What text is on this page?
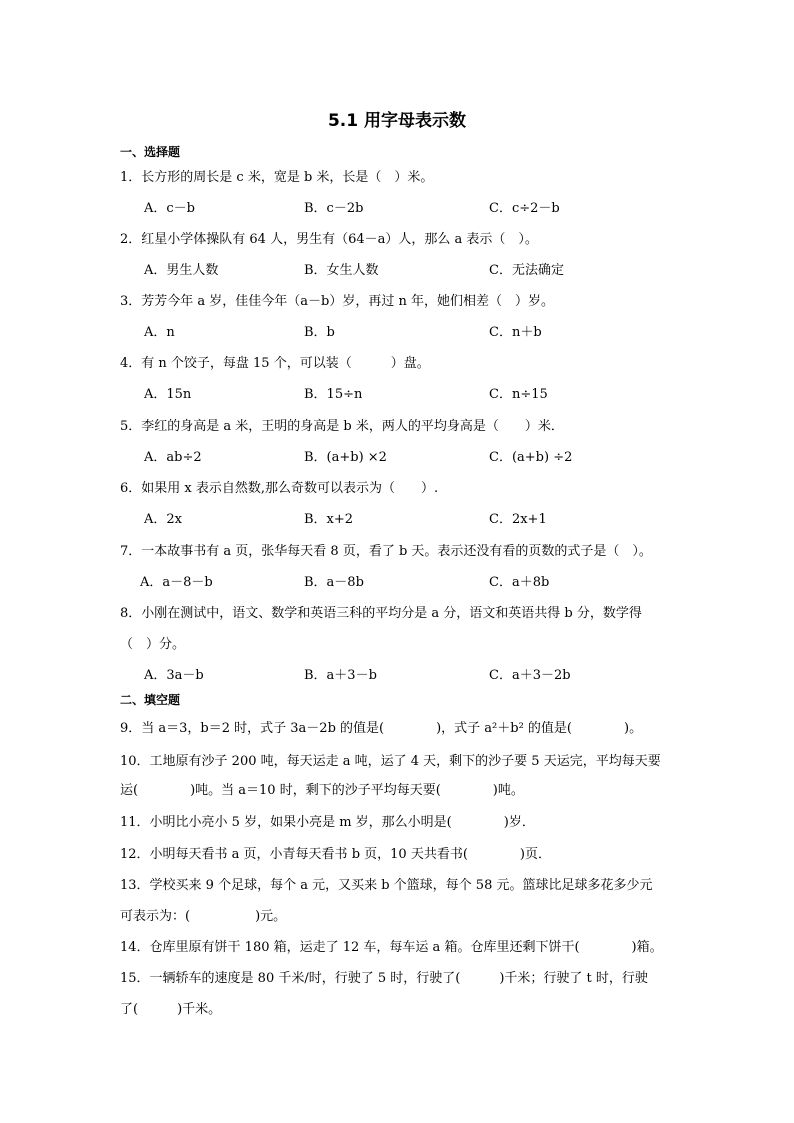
5.1 用字母表示数
一、选择题
1．长方形的周长是 c 米，宽是 b 米，长是（　）米。
A．c－b	B．c－2b	C．c÷2－b
2．红星小学体操队有 64 人，男生有（64－a）人，那么 a 表示（　）。
A．男生人数	B．女生人数	C．无法确定
3．芳芳今年 a 岁，佳佳今年（a－b）岁，再过 n 年，她们相差（　）岁。
A．n	B．b	C．n＋b
4．有 n 个饺子，每盘 15 个，可以装（　　　）盘。
A．15n	B．15÷n	C．n÷15
5．李红的身高是 a 米，王明的身高是 b 米，两人的平均身高是（　　）米．
A．ab÷2	B．(a+b) ×2	C．(a+b) ÷2
6．如果用 x 表示自然数,那么奇数可以表示为（　　）.
A．2x	B．x+2	C．2x+1
7．一本故事书有 a 页，张华每天看 8 页，看了 b 天。表示还没有看的页数的式子是（　）。
A．a－8－b	B．a－8b	C．a＋8b
8．小刚在测试中，语文、数学和英语三科的平均分是 a 分，语文和英语共得 b 分，数学得
（　）分。
A．3a－b	B．a＋3－b	C．a＋3－2b
二、填空题
9．当 a＝3，b＝2 时，式子 3a－2b 的值是(　　　　)，式子 a²＋b² 的值是(　　　　)。
10．工地原有沙子 200 吨，每天运走 a 吨，运了 4 天，剩下的沙子要 5 天运完，平均每天要
运(　　　　)吨。当 a＝10 时，剩下的沙子平均每天要(　　　　)吨。
11．小明比小亮小 5 岁，如果小亮是 m 岁，那么小明是(　　　　)岁．
12．小明每天看书 a 页，小青每天看书 b 页，10 天共看书(　　　　)页．
13．学校买来 9 个足球，每个 a 元，又买来 b 个篮球，每个 58 元。篮球比足球多花多少元
可表示为：(　　　　　)元。
14．仓库里原有饼干 180 箱，运走了 12 车，每车运 a 箱。仓库里还剩下饼干(　　　　)箱。
15．一辆轿车的速度是 80 千米/时，行驶了 5 时，行驶了(　　　)千米；行驶了 t 时，行驶
了(　　　)千米。
